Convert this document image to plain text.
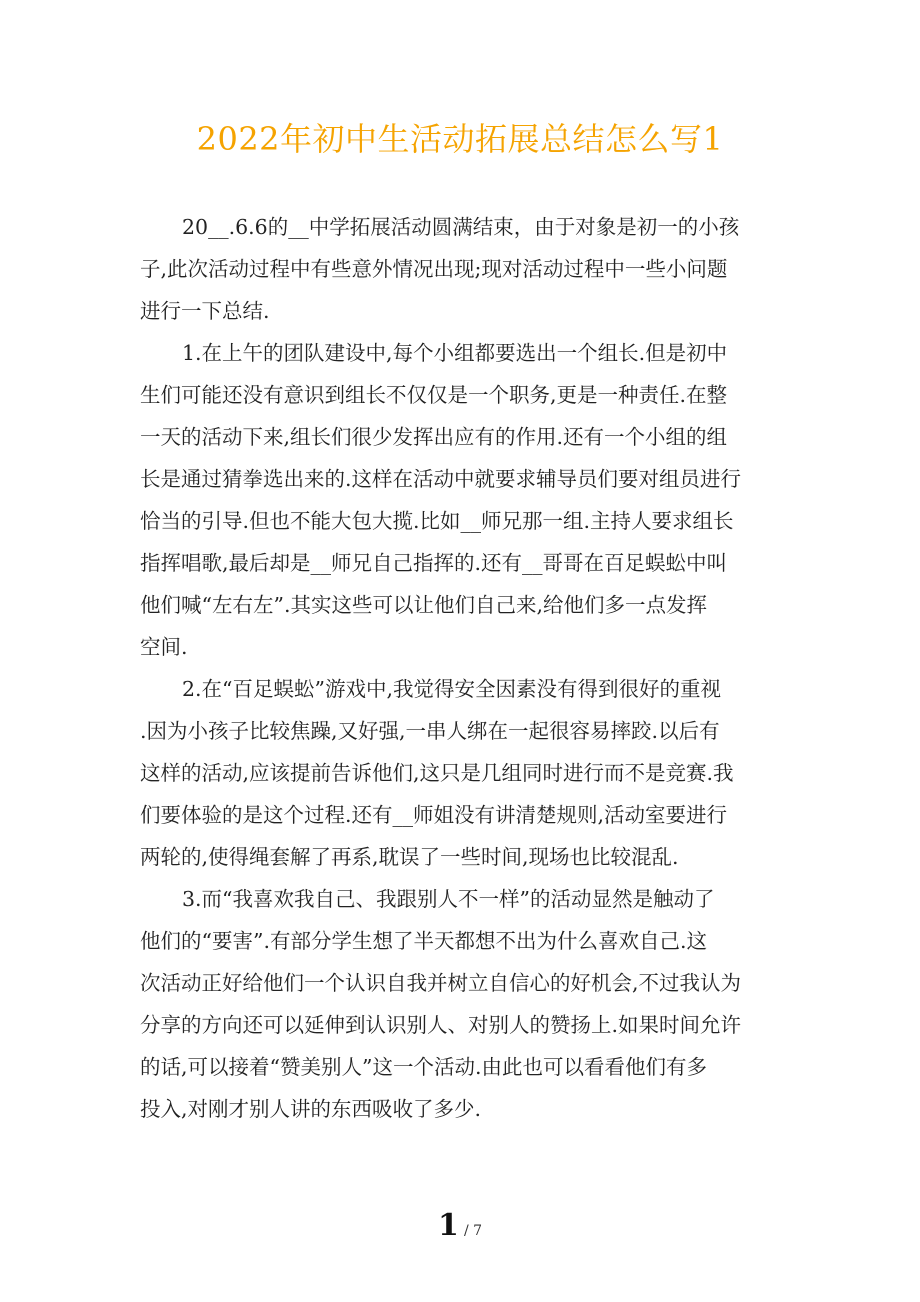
2022年初中生活动拓展总结怎么写1
20__.6.6的__中学拓展活动圆满结束，由于对象是初一的小孩
子,此次活动过程中有些意外情况出现;现对活动过程中一些小问题
进行一下总结.
1.在上午的团队建设中,每个小组都要选出一个组长.但是初中
生们可能还没有意识到组长不仅仅是一个职务,更是一种责任.在整
一天的活动下来,组长们很少发挥出应有的作用.还有一个小组的组
长是通过猜拳选出来的.这样在活动中就要求辅导员们要对组员进行
恰当的引导.但也不能大包大揽.比如__师兄那一组.主持人要求组长
指挥唱歌,最后却是__师兄自己指挥的.还有__哥哥在百足蜈蚣中叫
他们喊“左右左”.其实这些可以让他们自己来,给他们多一点发挥
空间.
2.在“百足蜈蚣”游戏中,我觉得安全因素没有得到很好的重视
.因为小孩子比较焦躁,又好强,一串人绑在一起很容易摔跤.以后有
这样的活动,应该提前告诉他们,这只是几组同时进行而不是竞赛.我
们要体验的是这个过程.还有__师姐没有讲清楚规则,活动室要进行
两轮的,使得绳套解了再系,耽误了一些时间,现场也比较混乱.
3.而“我喜欢我自己、我跟别人不一样”的活动显然是触动了
他们的“要害”.有部分学生想了半天都想不出为什么喜欢自己.这
次活动正好给他们一个认识自我并树立自信心的好机会,不过我认为
分享的方向还可以延伸到认识别人、对别人的赞扬上.如果时间允许
的话,可以接着“赞美别人”这一个活动.由此也可以看看他们有多
投入,对刚才别人讲的东西吸收了多少.
1 / 7
